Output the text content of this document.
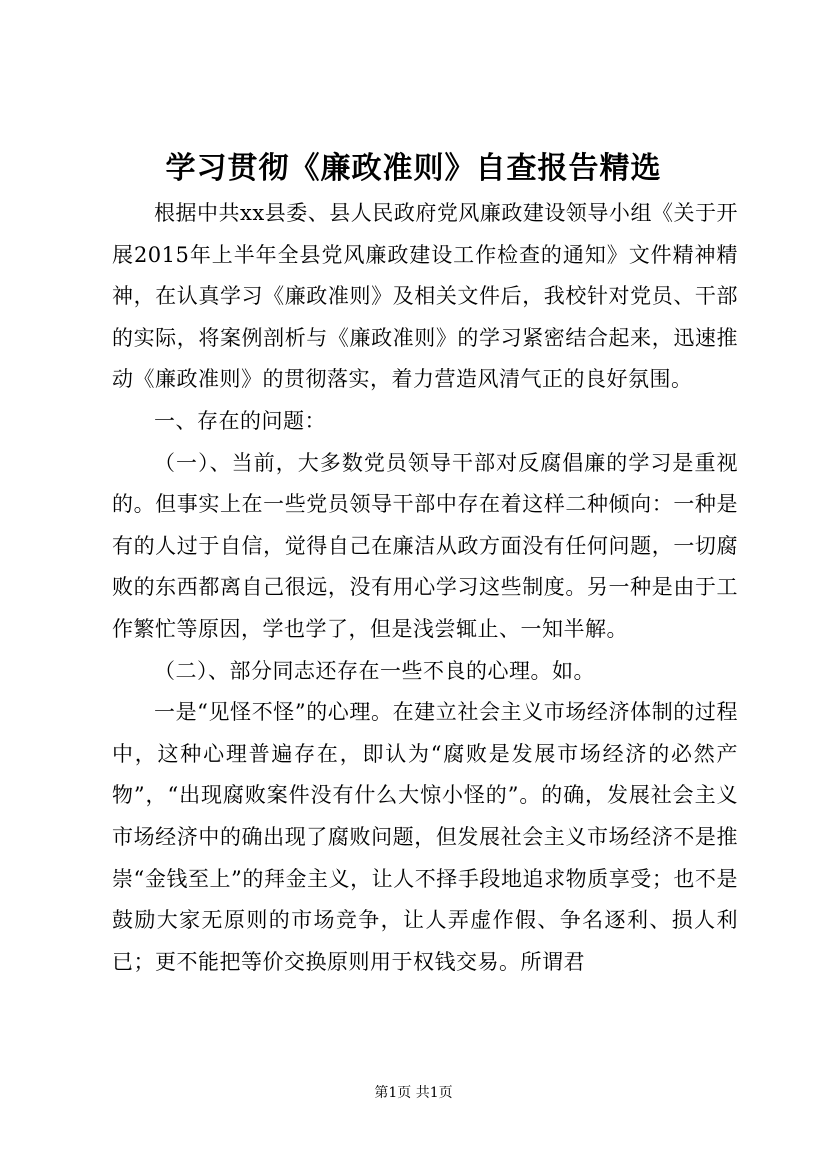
学习贯彻《廉政准则》自查报告精选

根据中共xx县委、县人民政府党风廉政建设领导小组《关于开展2015年上半年全县党风廉政建设工作检查的通知》文件精神精神，在认真学习《廉政准则》及相关文件后，我校针对党员、干部的实际，将案例剖析与《廉政准则》的学习紧密结合起来，迅速推动《廉政准则》的贯彻落实，着力营造风清气正的良好氛围。

一、存在的问题：

（一）、当前，大多数党员领导干部对反腐倡廉的学习是重视的。但事实上在一些党员领导干部中存在着这样二种倾向：一种是有的人过于自信，觉得自己在廉洁从政方面没有任何问题，一切腐败的东西都离自己很远，没有用心学习这些制度。另一种是由于工作繁忙等原因，学也学了，但是浅尝辄止、一知半解。

（二）、部分同志还存在一些不良的心理。如。

一是“见怪不怪”的心理。在建立社会主义市场经济体制的过程中，这种心理普遍存在，即认为“腐败是发展市场经济的必然产物”，“出现腐败案件没有什么大惊小怪的”。的确，发展社会主义市场经济中的确出现了腐败问题，但发展社会主义市场经济不是推崇“金钱至上”的拜金主义，让人不择手段地追求物质享受；也不是鼓励大家无原则的市场竞争，让人弄虚作假、争名逐利、损人利已；更不能把等价交换原则用于权钱交易。所谓君

第1页 共1页
